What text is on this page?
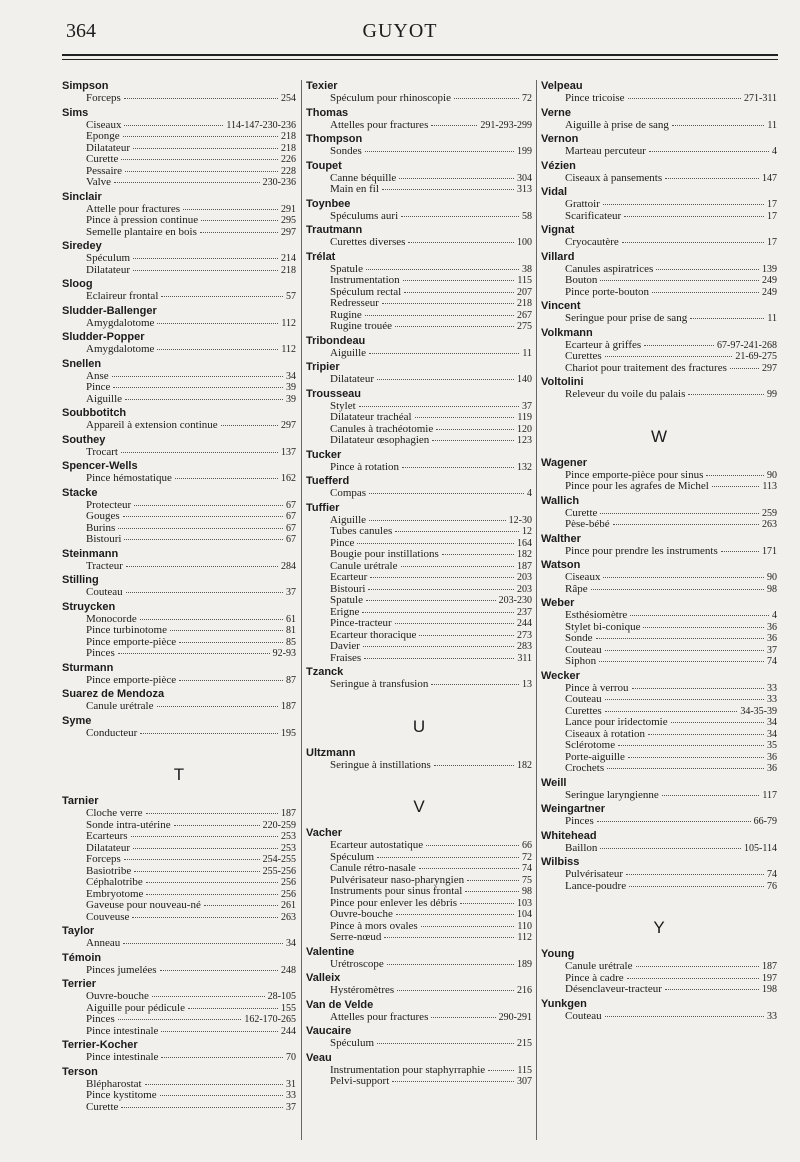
364	GUYOT
Simpson
Forceps	254
Sims
Ciseaux	114-147-230-236
Eponge	218
Dilatateur	218
Curette	226
Pessaire	228
Valve	230-236
Sinclair
Attelle pour fractures	291
Pince à pression continue	295
Semelle plantaire en bois	297
Siredey
Spéculum	214
Dilatateur	218
Sloog
Eclaireur frontal	57
Sludder-Ballenger
Amygdalotome	112
Sludder-Popper
Amygdalotome	112
Snellen
Anse	34
Pince	39
Aiguille	39
Soubbotitch
Appareil à extension continue	297
Southey
Trocart	137
Spencer-Wells
Pince hémostatique	162
Stacke
Protecteur	67
Gouges	67
Burins	67
Bistouri	67
Steinmann
Tracteur	284
Stilling
Couteau	37
Struycken
Monocorde	61
Pince turbinotome	81
Pince emporte-pièce	85
Pinces	92-93
Sturmann
Pince emporte-pièce	87
Suarez de Mendoza
Canule urétrale	187
Syme
Conducteur	195
T
Tarnier
Cloche verre	187
Sonde intra-utérine	220-259
Ecarteurs	253
Dilatateur	253
Forceps	254-255
Basiotribe	255-256
Céphalotribe	256
Embryotome	256
Gaveuse pour nouveau-né	261
Couveuse	263
Taylor
Anneau	34
Témoin
Pinces jumelées	248
Terrier
Ouvre-bouche	28-105
Aiguille pour pédicule	155
Pinces	162-170-265
Pince intestinale	244
Terrier-Kocher
Pince intestinale	70
Terson
Blépharostat	31
Pince kystitome	33
Curette	37
Texier
Spéculum pour rhinoscopie	72
Thomas
Attelles pour fractures	291-293-299
Thompson
Sondes	199
Toupet
Canne béquille	304
Main en fil	313
Toynbee
Spéculums auri	58
Trautmann
Curettes diverses	100
Trélat
Spatule	38
Instrumentation	115
Spéculum rectal	207
Redresseur	218
Rugine	267
Rugine trouée	275
Tribondeau
Aiguille	11
Tripier
Dilatateur	140
Trousseau
Stylet	37
Dilatateur trachéal	119
Canules à trachéotomie	120
Dilatateur œsophagien	123
Tucker
Pince à rotation	132
Tuefferd
Compas	4
Tuffier
Aiguille	12-30
Tubes canules	12
Pince	164
Bougie pour instillations	182
Canule urétrale	187
Ecarteur	203
Bistouri	203
Spatule	203-230
Erigne	237
Pince-tracteur	244
Ecarteur thoracique	273
Davier	283
Fraises	311
Tzanck
Seringue à transfusion	13
U
Ultzmann
Seringue à instillations	182
V
Vacher
Ecarteur autostatique	66
Spéculum	72
Canule rétro-nasale	74
Pulvérisateur naso-pharyngien	75
Instruments pour sinus frontal	98
Pince pour enlever les débris	103
Ouvre-bouche	104
Pince à mors ovales	110
Serre-nœud	112
Valentine
Urétroscope	189
Valleix
Hystéromètres	216
Van de Velde
Attelles pour fractures	290-291
Vaucaire
Spéculum	215
Veau
Instrumentation pour staphyrraphie	115
Pelvi-support	307
Velpeau
Pince tricoise	271-311
Verne
Aiguille à prise de sang	11
Vernon
Marteau percuteur	4
Vézien
Ciseaux à pansements	147
Vidal
Grattoir	17
Scarificateur	17
Vignat
Cryocautère	17
Villard
Canules aspiratrices	139
Bouton	249
Pince porte-bouton	249
Vincent
Seringue pour prise de sang	11
Volkmann
Ecarteur à griffes	67-97-241-268
Curettes	21-69-275
Chariot pour traitement des fractures	297
Voltolini
Releveur du voile du palais	99
W
Wagener
Pince emporte-pièce pour sinus	90
Pince pour les agrafes de Michel	113
Wallich
Curette	259
Pèse-bébé	263
Walther
Pince pour prendre les instruments	171
Watson
Ciseaux	90
Râpe	98
Weber
Esthésiomètre	4
Stylet bi-conique	36
Sonde	36
Couteau	37
Siphon	74
Wecker
Pince à verrou	33
Couteau	33
Curettes	34-35-39
Lance pour iridectomie	34
Ciseaux à rotation	34
Sclérotome	35
Porte-aiguille	36
Crochets	36
Weill
Seringue laryngienne	117
Weingartner
Pinces	66-79
Whitehead
Baillon	105-114
Wilbiss
Pulvérisateur	74
Lance-poudre	76
Y
Young
Canule urétrale	187
Pince à cadre	197
Désenclaveur-tracteur	198
Yunkgen
Couteau	33
